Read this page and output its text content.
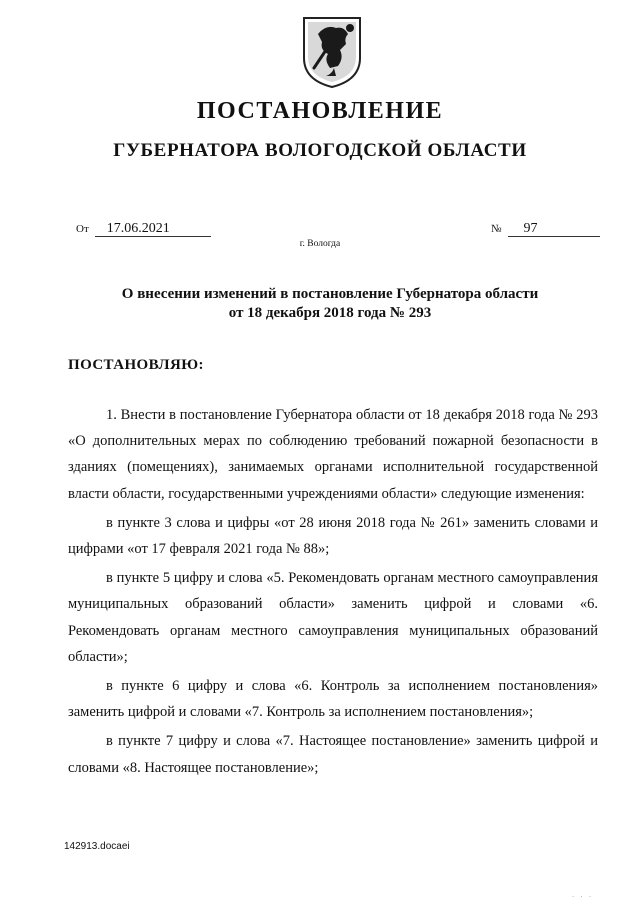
ПОСТАНОВЛЕНИЕ
ГУБЕРНАТОРА ВОЛОГОДСКОЙ ОБЛАСТИ
От 17.06.2021	№ 97
г. Вологда
О внесении изменений в постановление Губернатора области
от 18 декабря 2018 года № 293
ПОСТАНОВЛЯЮ:

1. Внести в постановление Губернатора области от 18 декабря 2018 года № 293 «О дополнительных мерах по соблюдению требований пожарной безопасности в зданиях (помещениях), занимаемых органами исполнительной государственной власти области, государственными учреждениями области» следующие изменения:

в пункте 3 слова и цифры «от 28 июня 2018 года № 261» заменить словами и цифрами «от 17 февраля 2021 года № 88»;

в пункте 5 цифру и слова «5. Рекомендовать органам местного самоуправления муниципальных образований области» заменить цифрой и словами «6. Рекомендовать органам местного самоуправления муниципальных образований области»;

в пункте 6 цифру и слова «6. Контроль за исполнением постановления» заменить цифрой и словами «7. Контроль за исполнением постановления»;

в пункте 7 цифру и слова «7. Настоящее постановление» заменить цифрой и словами «8. Настоящее постановление»;

142913.docaei
· · ·
